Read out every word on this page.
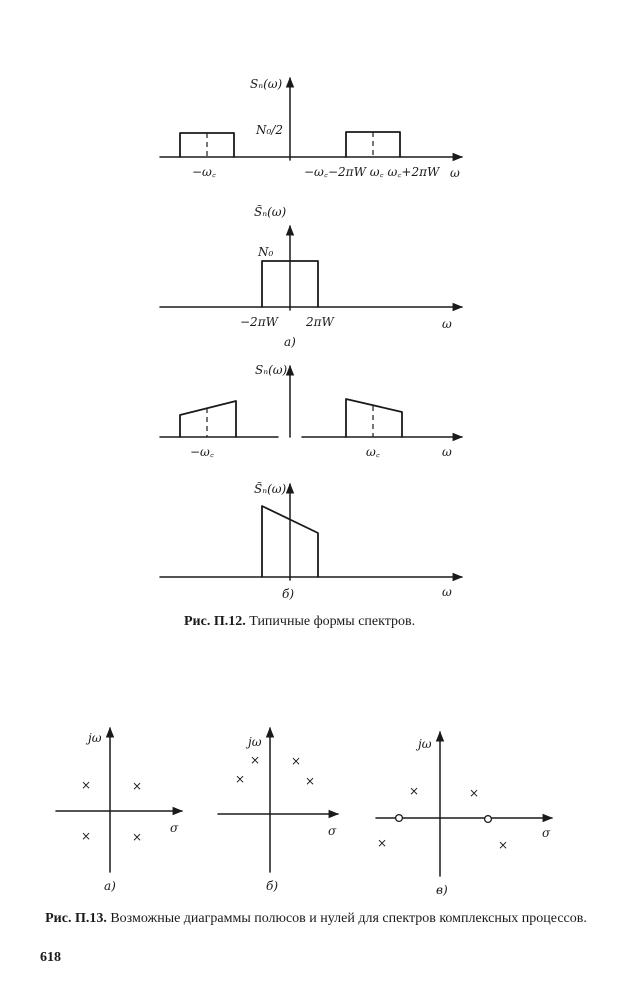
Sₙ(ω)
N₀/2
−ω꜀	−ω꜀−2πW ω꜀ ω꜀+2πW ω
S̃ₙ(ω)
N₀
−2πW 2πW	ω
a)
Sₙ(ω)
−ω꜀	ω꜀	ω
S̃ₙ(ω)
б)	ω
jω
σ
×	×
×	×
а)
jω
σ
×	×
×	×
б)
jω
σ
×	×
×	×
в)
Рис. П.12. Типичные формы спектров.
Рис. П.13. Возможные диаграммы полюсов и нулей для спектров комплексных процессов.
618
